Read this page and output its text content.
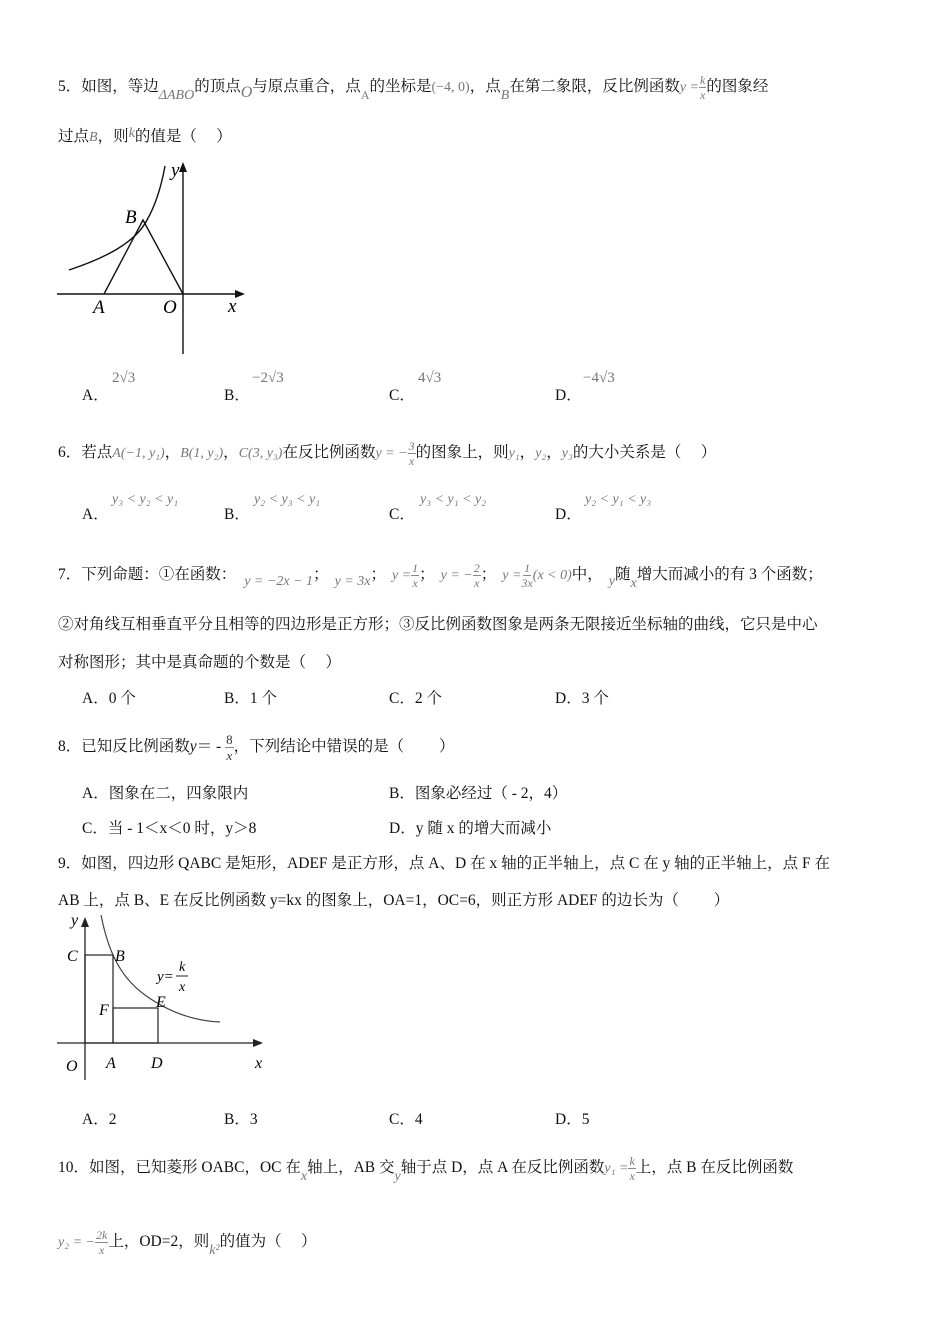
5．如图，等边ΔABO的顶点O与原点重合，点$_A$的坐标是(−4, 0)，点B在第二象限，反比例函数$y = \frac{k}{x}$ 的图象经
过点B，则k的值是（　 ）
y
x
A
B
O
A．
2√3
B．
−2√3
C．
4√3
D．
−4√3
6．若点A(−1, y₁)，B(1, y₂)，C(3, y₃)在反比例函数y = − $\frac{3}{x}$ 的图象上，则y₁，y₂，y₃的大小关系是（　 ）
A．
y₃ < y₂ < y₁
B．
y₂ < y₃ < y₁
C．
y₃ < y₁ < y₂
D．
y₂ < y₁ < y₃
7．下列命题：①在函数： y = −2x − 1； y = 3x； $y = \frac{1}{x}$ ； y = − $\frac{2}{x}$ ； $y = \frac{1}{3x} (x < 0)$中， y随x增大而减小的有 3 个函数；
②对角线互相垂直平分且相等的四边形是正方形；③反比例函数图象是两条无限接近坐标轴的曲线，它只是中心
对称图形；其中是真命题的个数是（　 ）
A．0 个	B．1 个	C．2 个	D．3 个
8．已知反比例函数$y= - \frac{8}{x}$ ，下列结论中错误的是（　　 ）
A．图象在二，四象限内	B．图象必经过（ - 2，4）
C．当 - 1＜x＜0 时，y＞8	D．y 随 x 的增大而减小
9．如图，四边形 QABC 是矩形，ADEF 是正方形，点 A、D 在 x 轴的正半轴上，点 C 在 y 轴的正半轴上，点 F 在
AB 上，点 B、E 在反比例函数 y=kx 的图象上，OA=1，OC=6，则正方形 ADEF 的边长为（　　 ）
y
x
O A D
C B
F	E
y=
k
x
A．2	B．3	C．4	D．5
10．如图，已知菱形 OABC，OC 在x轴上，AB 交y轴于点 D，点 A 在反比例函数$y_1 = \frac{k}{x}$ 上，点 B 在反比例函数
y₂ = − $\frac{2k}{x}$ 上，OD=2，则k²的值为（　 ）
